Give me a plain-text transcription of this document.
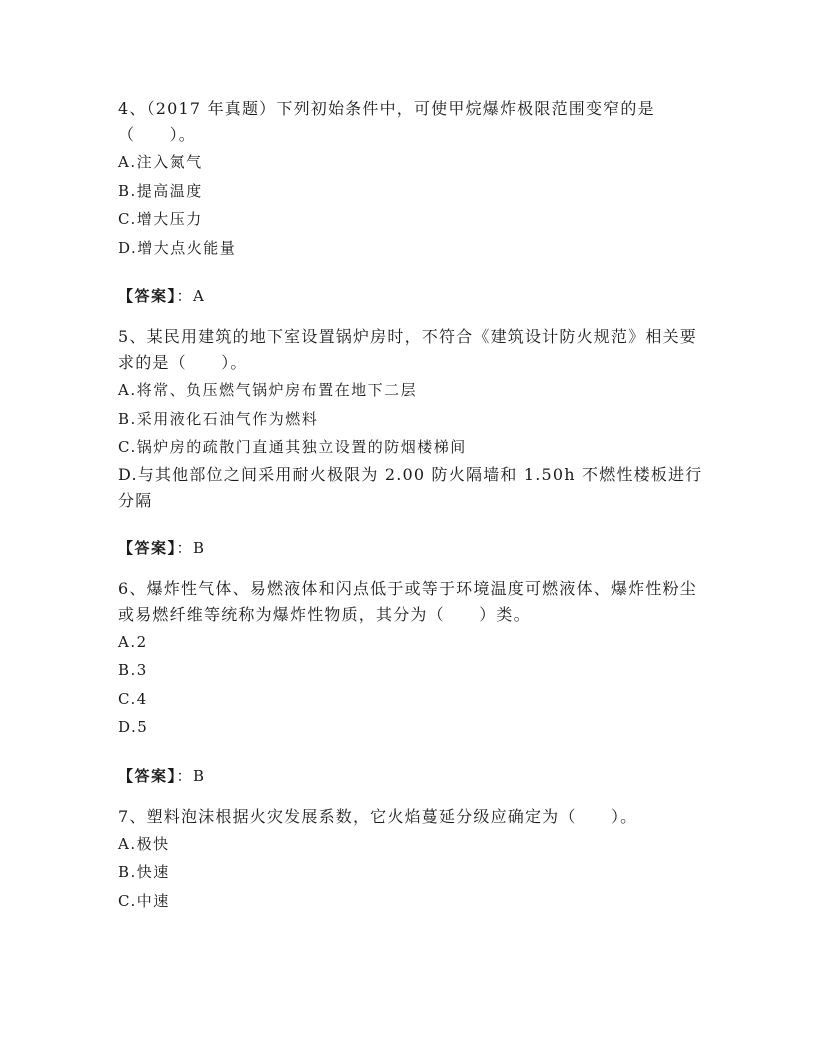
4、（2017 年真题）下列初始条件中，可使甲烷爆炸极限范围变窄的是（　　）。

A.注入氮气

B.提高温度

C.增大压力

D.增大点火能量

【答案】：A

5、某民用建筑的地下室设置锅炉房时，不符合《建筑设计防火规范》相关要求的是（　　）。

A.将常、负压燃气锅炉房布置在地下二层

B.采用液化石油气作为燃料

C.锅炉房的疏散门直通其独立设置的防烟楼梯间

D.与其他部位之间采用耐火极限为 2.00 防火隔墙和 1.50h 不燃性楼板进行分隔

【答案】：B

6、爆炸性气体、易燃液体和闪点低于或等于环境温度可燃液体、爆炸性粉尘或易燃纤维等统称为爆炸性物质，其分为（　　）类。

A.2

B.3

C.4

D.5

【答案】：B

7、塑料泡沫根据火灾发展系数，它火焰蔓延分级应确定为（　　）。

A.极快

B.快速

C.中速
